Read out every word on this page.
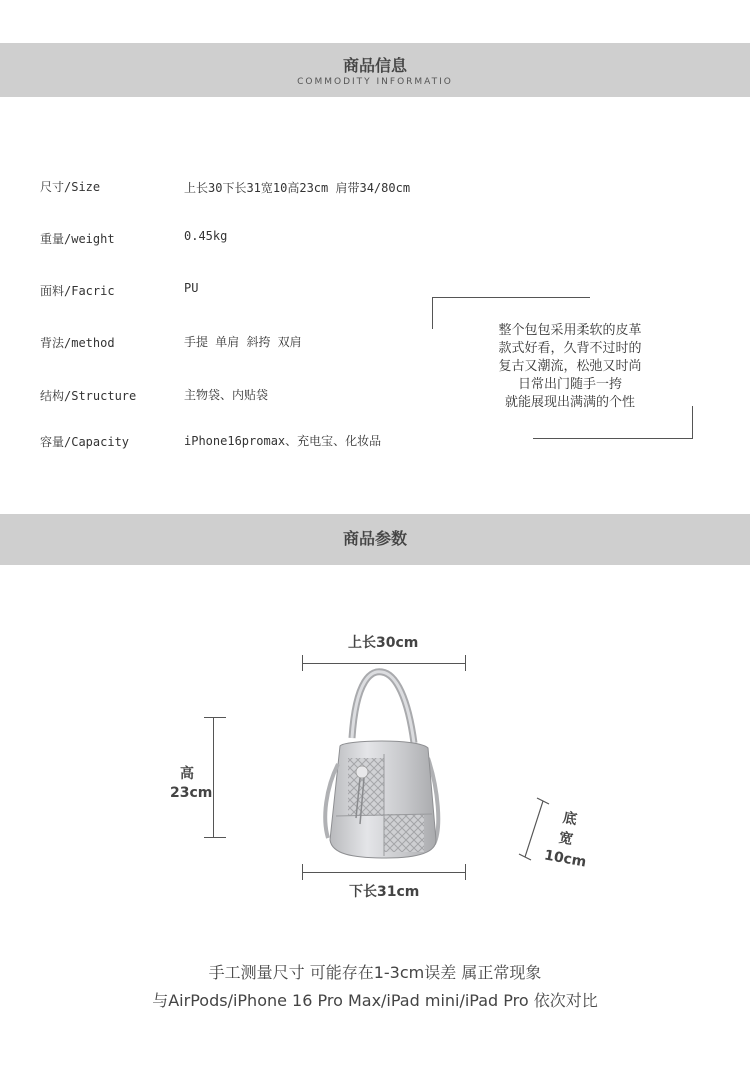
商品信息
COMMODITY INFORMATIO
尺寸/Size	上长30下长31宽10高23cm 肩带34/80cm
重量/weight	0.45kg
面料/Facric	PU
背法/method	手提 单肩 斜挎 双肩
结构/Structure	主物袋、内贴袋
容量/Capacity	iPhone16promax、充电宝、化妆品
整个包包采用柔软的皮革
款式好看，久背不过时的
复古又潮流，松弛又时尚
日常出门随手一挎
就能展现出满满的个性
商品参数
上长30cm
下长31cm
高
23cm
底
宽
10cm
手工测量尺寸 可能存在1-3cm误差 属正常现象
与AirPods/iPhone 16 Pro Max/iPad mini/iPad Pro 依次对比
